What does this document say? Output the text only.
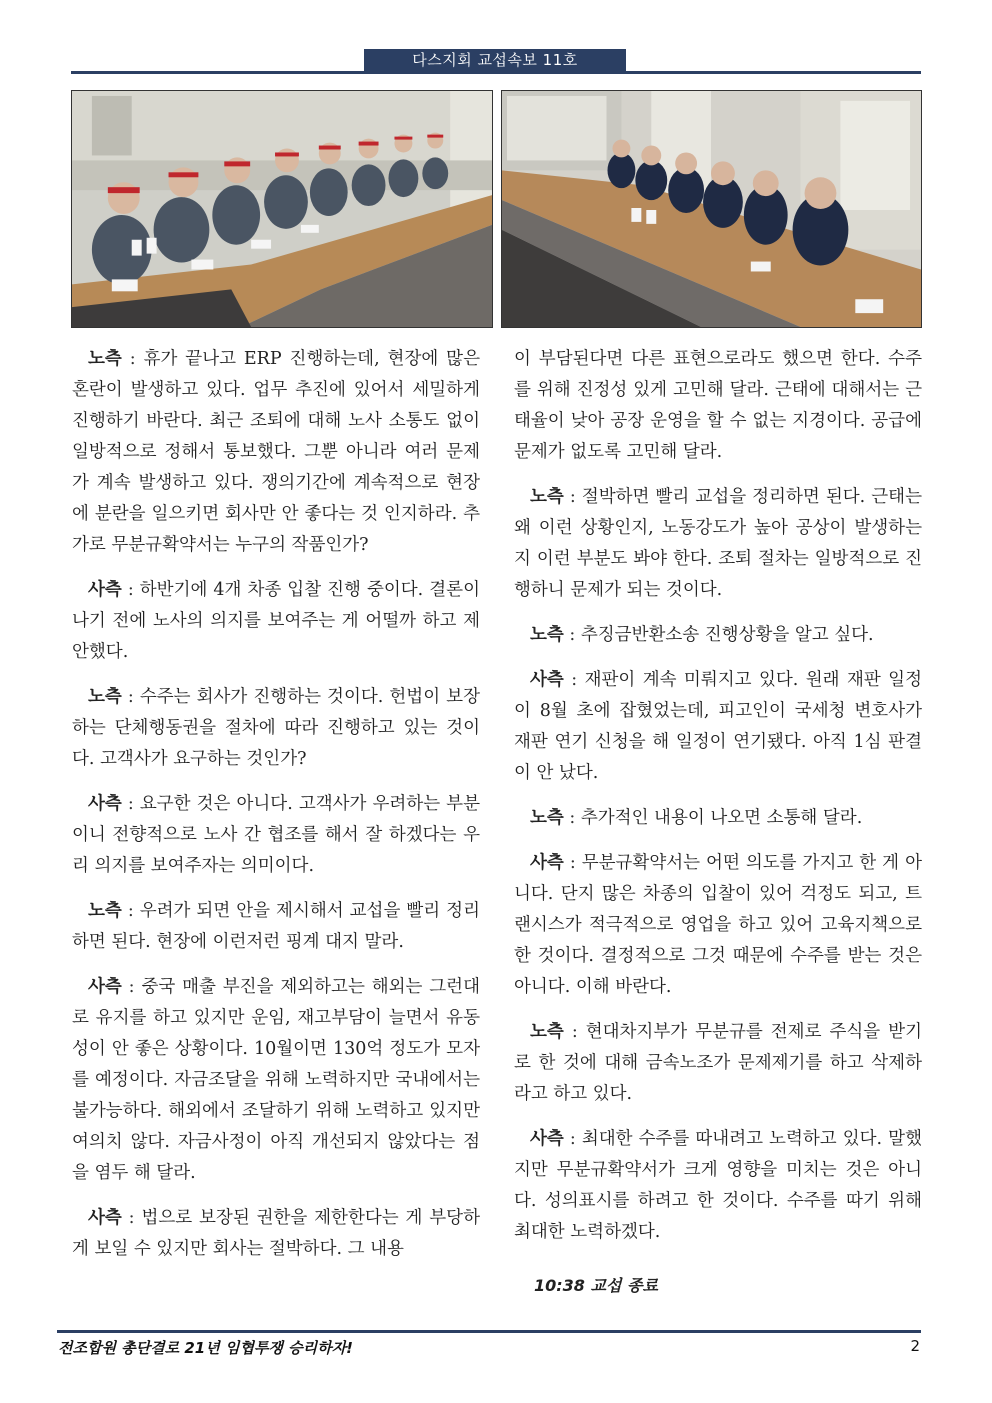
다스지회 교섭속보 11호

노측 : 휴가 끝나고 ERP 진행하는데, 현장에 많은 혼란이 발생하고 있다. 업무 추진에 있어서 세밀하게 진행하기 바란다. 최근 조퇴에 대해 노사 소통도 없이 일방적으로 정해서 통보했다. 그뿐 아니라 여러 문제가 계속 발생하고 있다. 쟁의기간에 계속적으로 현장에 분란을 일으키면 회사만 안 좋다는 것 인지하라. 추가로 무분규확약서는 누구의 작품인가?

사측 : 하반기에 4개 차종 입찰 진행 중이다. 결론이 나기 전에 노사의 의지를 보여주는 게 어떨까 하고 제안했다.

노측 : 수주는 회사가 진행하는 것이다. 헌법이 보장하는 단체행동권을 절차에 따라 진행하고 있는 것이다. 고객사가 요구하는 것인가?

사측 : 요구한 것은 아니다. 고객사가 우려하는 부분이니 전향적으로 노사 간 협조를 해서 잘 하겠다는 우리 의지를 보여주자는 의미이다.

노측 : 우려가 되면 안을 제시해서 교섭을 빨리 정리하면 된다. 현장에 이런저런 핑계 대지 말라.

사측 : 중국 매출 부진을 제외하고는 해외는 그런대로 유지를 하고 있지만 운임, 재고부담이 늘면서 유동성이 안 좋은 상황이다. 10월이면 130억 정도가 모자를 예정이다. 자금조달을 위해 노력하지만 국내에서는 불가능하다. 해외에서 조달하기 위해 노력하고 있지만 여의치 않다. 자금사정이 아직 개선되지 않았다는 점을 염두 해 달라.

사측 : 법으로 보장된 권한을 제한한다는 게 부당하게 보일 수 있지만 회사는 절박하다. 그 내용

이 부담된다면 다른 표현으로라도 했으면 한다. 수주를 위해 진정성 있게 고민해 달라. 근태에 대해서는 근태율이 낮아 공장 운영을 할 수 없는 지경이다. 공급에 문제가 없도록 고민해 달라.

노측 : 절박하면 빨리 교섭을 정리하면 된다. 근태는 왜 이런 상황인지, 노동강도가 높아 공상이 발생하는지 이런 부분도 봐야 한다. 조퇴 절차는 일방적으로 진행하니 문제가 되는 것이다.

노측 : 추징금반환소송 진행상황을 알고 싶다.

사측 : 재판이 계속 미뤄지고 있다. 원래 재판 일정이 8월 초에 잡혔었는데, 피고인이 국세청 변호사가 재판 연기 신청을 해 일정이 연기됐다. 아직 1심 판결이 안 났다.

노측 : 추가적인 내용이 나오면 소통해 달라.

사측 : 무분규확약서는 어떤 의도를 가지고 한 게 아니다. 단지 많은 차종의 입찰이 있어 걱정도 되고, 트랜시스가 적극적으로 영업을 하고 있어 고육지책으로 한 것이다. 결정적으로 그것 때문에 수주를 받는 것은 아니다. 이해 바란다.

노측 : 현대차지부가 무분규를 전제로 주식을 받기로 한 것에 대해 금속노조가 문제제기를 하고 삭제하라고 하고 있다.

사측 : 최대한 수주를 따내려고 노력하고 있다. 말했지만 무분규확약서가 크게 영향을 미치는 것은 아니다. 성의표시를 하려고 한 것이다. 수주를 따기 위해 최대한 노력하겠다.

10:38 교섭 종료
전조합원 총단결로 21년 임협투쟁 승리하자!	2
